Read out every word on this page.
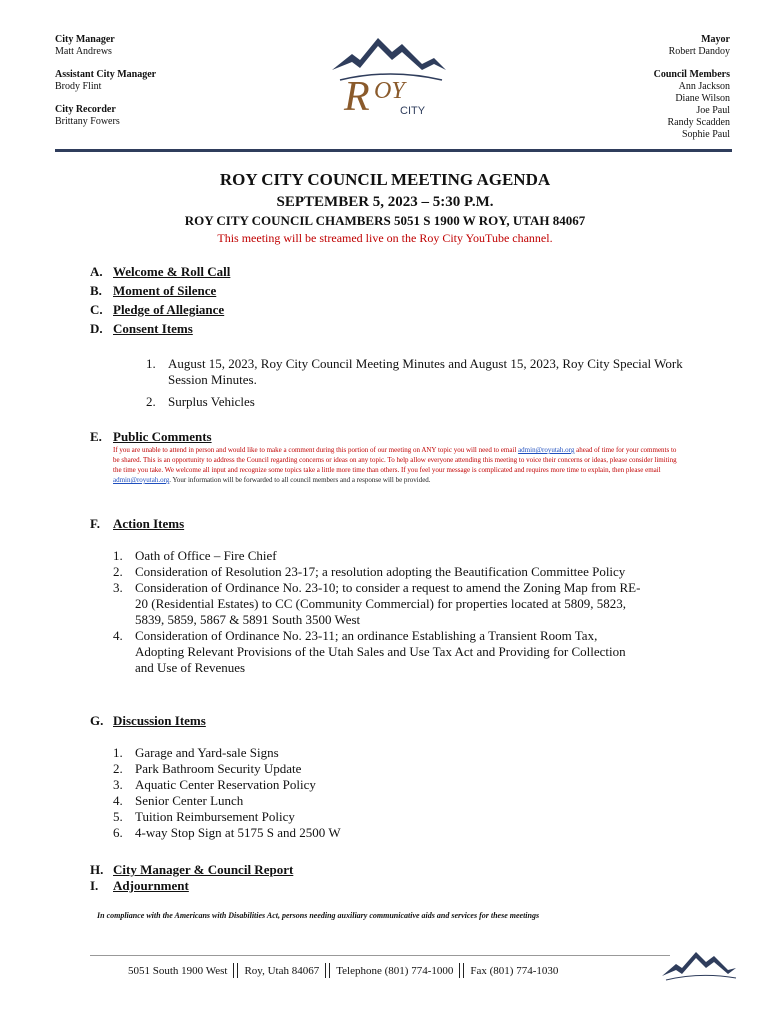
City Manager
Matt Andrews
Assistant City Manager
Brody Flint
City Recorder
Brittany Fowers
R OY
CITY
Mayor
Robert Dandoy
Council Members
Ann Jackson
Diane Wilson
Joe Paul
Randy Scadden
Sophie Paul
ROY CITY COUNCIL MEETING AGENDA
SEPTEMBER 5, 2023 – 5:30 P.M.
ROY CITY COUNCIL CHAMBERS 5051 S 1900 W ROY, UTAH 84067
This meeting will be streamed live on the Roy City YouTube channel.
A. Welcome & Roll Call
B. Moment of Silence
C. Pledge of Allegiance
D. Consent Items
1. August 15, 2023, Roy City Council Meeting Minutes and August 15, 2023, Roy City Special Work Session Minutes.
2. Surplus Vehicles
E. Public Comments
If you are unable to attend in person and would like to make a comment during this portion of our meeting on ANY topic you will need to email admin@royutah.org ahead of time for your comments to be shared. This is an opportunity to address the Council regarding concerns or ideas on any topic. To help allow everyone attending this meeting to voice their concerns or ideas, please consider limiting the time you take. We welcome all input and recognize some topics take a little more time than others. If you feel your message is complicated and requires more time to explain, then please email admin@royutah.org. Your information will be forwarded to all council members and a response will be provided.
F. Action Items
1. Oath of Office – Fire Chief
2. Consideration of Resolution 23-17; a resolution adopting the Beautification Committee Policy
3. Consideration of Ordinance No. 23-10; to consider a request to amend the Zoning Map from RE-20 (Residential Estates) to CC (Community Commercial) for properties located at 5809, 5823, 5839, 5859, 5867 & 5891 South 3500 West
4. Consideration of Ordinance No. 23-11; an ordinance Establishing a Transient Room Tax, Adopting Relevant Provisions of the Utah Sales and Use Tax Act and Providing for Collection and Use of Revenues
G. Discussion Items
1. Garage and Yard-sale Signs
2. Park Bathroom Security Update
3. Aquatic Center Reservation Policy
4. Senior Center Lunch
5. Tuition Reimbursement Policy
6. 4-way Stop Sign at 5175 S and 2500 W
H. City Manager & Council Report
I. Adjournment
In compliance with the Americans with Disabilities Act, persons needing auxiliary communicative aids and services for these meetings
5051 South 1900 West Roy, Utah 84067 Telephone (801) 774-1000 Fax (801) 774-1030
